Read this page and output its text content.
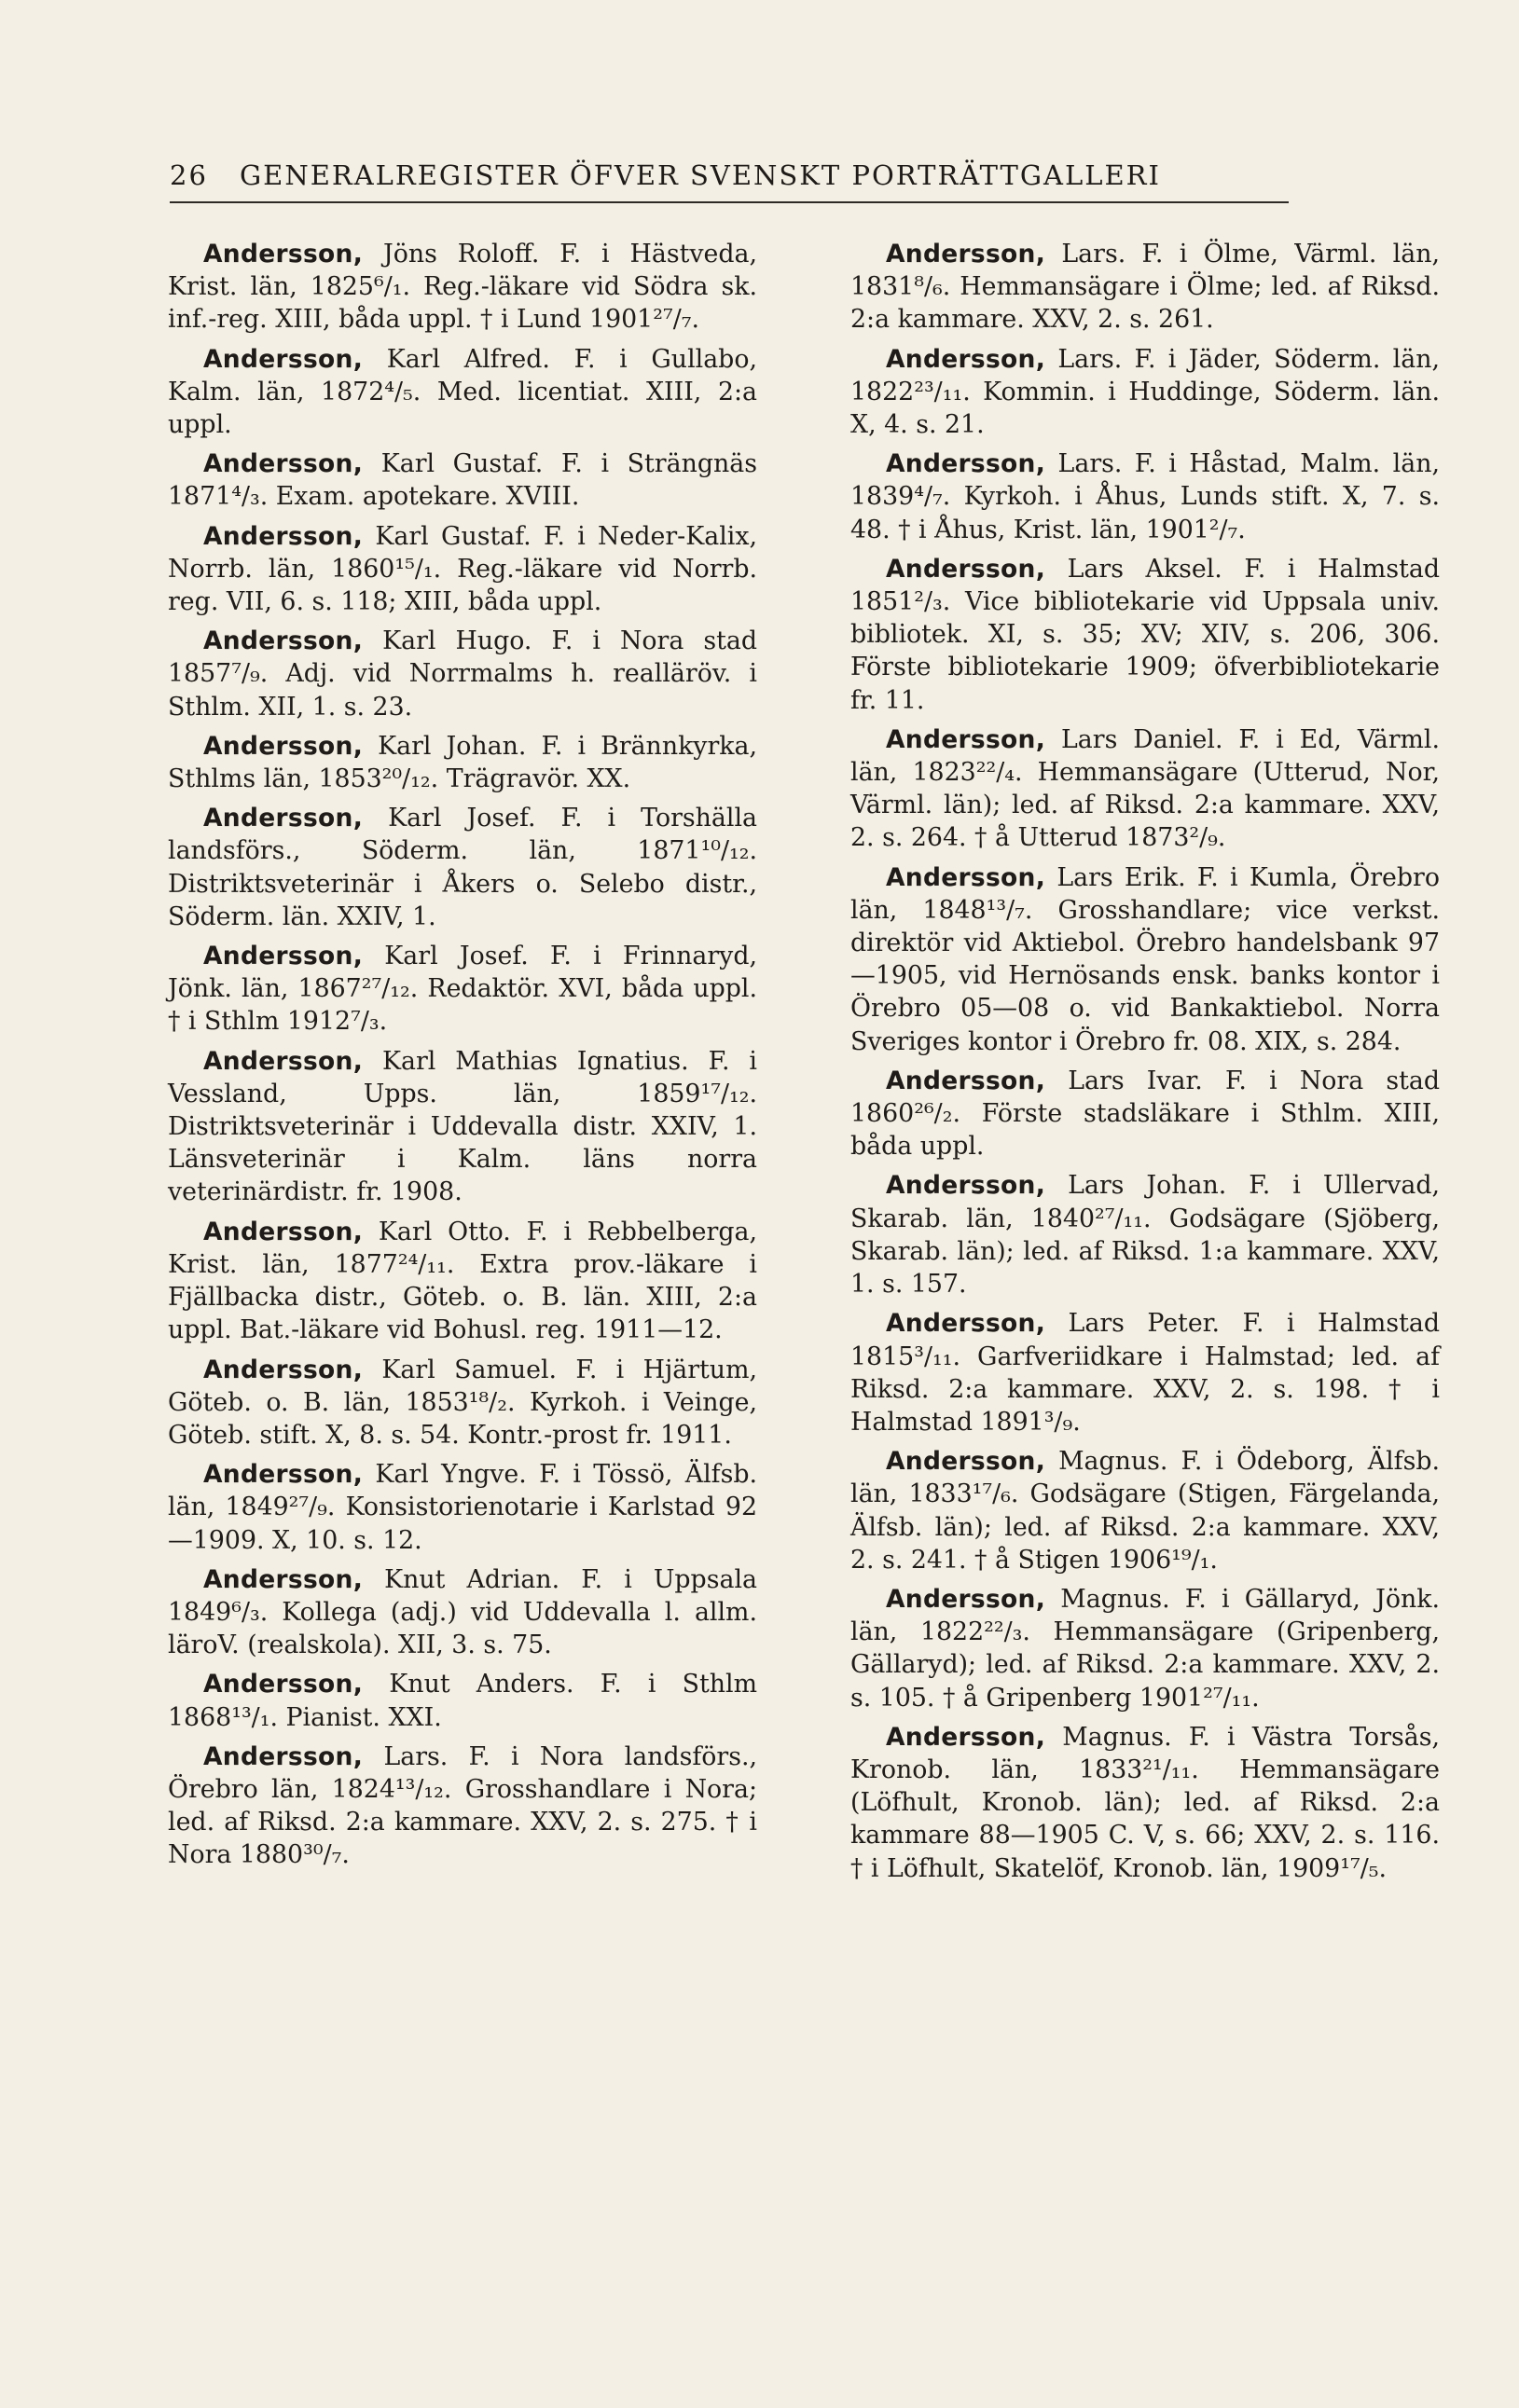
26 GENERALREGISTER ÖFVER SVENSKT PORTRÄTTGALLERI

Andersson, Jöns Roloff. F. i Hästveda, Krist. län, 1825⁶/₁. Reg.-läkare vid Södra sk. inf.-reg. XIII, båda uppl. † i Lund 1901²⁷/₇.

Andersson, Karl Alfred. F. i Gullabo, Kalm. län, 1872⁴/₅. Med. licentiat. XIII, 2:a uppl.

Andersson, Karl Gustaf. F. i Strängnäs 1871⁴/₃. Exam. apotekare. XVIII.

Andersson, Karl Gustaf. F. i Neder-Kalix, Norrb. län, 1860¹⁵/₁. Reg.-läkare vid Norrb. reg. VII, 6. s. 118; XIII, båda uppl.

Andersson, Karl Hugo. F. i Nora stad 1857⁷/₉. Adj. vid Norrmalms h. realläröv. i Sthlm. XII, 1. s. 23.

Andersson, Karl Johan. F. i Brännkyrka, Sthlms län, 1853²⁰/₁₂. Trägravör. XX.

Andersson, Karl Josef. F. i Torshälla landsförs., Söderm. län, 1871¹⁰/₁₂. Distriktsveterinär i Åkers o. Selebo distr., Söderm. län. XXIV, 1.

Andersson, Karl Josef. F. i Frinnaryd, Jönk. län, 1867²⁷/₁₂. Redaktör. XVI, båda uppl. † i Sthlm 1912⁷/₃.

Andersson, Karl Mathias Ignatius. F. i Vessland, Upps. län, 1859¹⁷/₁₂. Distriktsveterinär i Uddevalla distr. XXIV, 1. Länsveterinär i Kalm. läns norra veterinärdistr. fr. 1908.

Andersson, Karl Otto. F. i Rebbelberga, Krist. län, 1877²⁴/₁₁. Extra prov.-läkare i Fjällbacka distr., Göteb. o. B. län. XIII, 2:a uppl. Bat.-läkare vid Bohusl. reg. 1911—12.

Andersson, Karl Samuel. F. i Hjärtum, Göteb. o. B. län, 1853¹⁸/₂. Kyrkoh. i Veinge, Göteb. stift. X, 8. s. 54. Kontr.-prost fr. 1911.

Andersson, Karl Yngve. F. i Tössö, Älfsb. län, 1849²⁷/₉. Konsistorienotarie i Karlstad 92—1909. X, 10. s. 12.

Andersson, Knut Adrian. F. i Uppsala 1849⁶/₃. Kollega (adj.) vid Uddevalla l. allm. läroV. (realskola). XII, 3. s. 75.

Andersson, Knut Anders. F. i Sthlm 1868¹³/₁. Pianist. XXI.

Andersson, Lars. F. i Nora landsförs., Örebro län, 1824¹³/₁₂. Grosshandlare i Nora; led. af Riksd. 2:a kammare. XXV, 2. s. 275. † i Nora 1880³⁰/₇.

Andersson, Lars. F. i Ölme, Värml. län, 1831⁸/₆. Hemmansägare i Ölme; led. af Riksd. 2:a kammare. XXV, 2. s. 261.

Andersson, Lars. F. i Jäder, Söderm. län, 1822²³/₁₁. Kommin. i Huddinge, Söderm. län. X, 4. s. 21.

Andersson, Lars. F. i Håstad, Malm. län, 1839⁴/₇. Kyrkoh. i Åhus, Lunds stift. X, 7. s. 48. † i Åhus, Krist. län, 1901²/₇.

Andersson, Lars Aksel. F. i Halmstad 1851²/₃. Vice bibliotekarie vid Uppsala univ. bibliotek. XI, s. 35; XV; XIV, s. 206, 306. Förste bibliotekarie 1909; öfverbibliotekarie fr. 11.

Andersson, Lars Daniel. F. i Ed, Värml. län, 1823²²/₄. Hemmansägare (Utterud, Nor, Värml. län); led. af Riksd. 2:a kammare. XXV, 2. s. 264. † å Utterud 1873²/₉.

Andersson, Lars Erik. F. i Kumla, Örebro län, 1848¹³/₇. Grosshandlare; vice verkst. direktör vid Aktiebol. Örebro handelsbank 97—1905, vid Hernösands ensk. banks kontor i Örebro 05—08 o. vid Bankaktiebol. Norra Sveriges kontor i Örebro fr. 08. XIX, s. 284.

Andersson, Lars Ivar. F. i Nora stad 1860²⁶/₂. Förste stadsläkare i Sthlm. XIII, båda uppl.

Andersson, Lars Johan. F. i Ullervad, Skarab. län, 1840²⁷/₁₁. Godsägare (Sjöberg, Skarab. län); led. af Riksd. 1:a kammare. XXV, 1. s. 157.

Andersson, Lars Peter. F. i Halmstad 1815³/₁₁. Garfveriidkare i Halmstad; led. af Riksd. 2:a kammare. XXV, 2. s. 198. † i Halmstad 1891³/₉.

Andersson, Magnus. F. i Ödeborg, Älfsb. län, 1833¹⁷/₆. Godsägare (Stigen, Färgelanda, Älfsb. län); led. af Riksd. 2:a kammare. XXV, 2. s. 241. † å Stigen 1906¹⁹/₁.

Andersson, Magnus. F. i Gällaryd, Jönk. län, 1822²²/₃. Hemmansägare (Gripenberg, Gällaryd); led. af Riksd. 2:a kammare. XXV, 2. s. 105. † å Gripenberg 1901²⁷/₁₁.

Andersson, Magnus. F. i Västra Torsås, Kronob. län, 1833²¹/₁₁. Hemmansägare (Löfhult, Kronob. län); led. af Riksd. 2:a kammare 88—1905 C. V, s. 66; XXV, 2. s. 116. † i Löfhult, Skatelöf, Kronob. län, 1909¹⁷/₅.
